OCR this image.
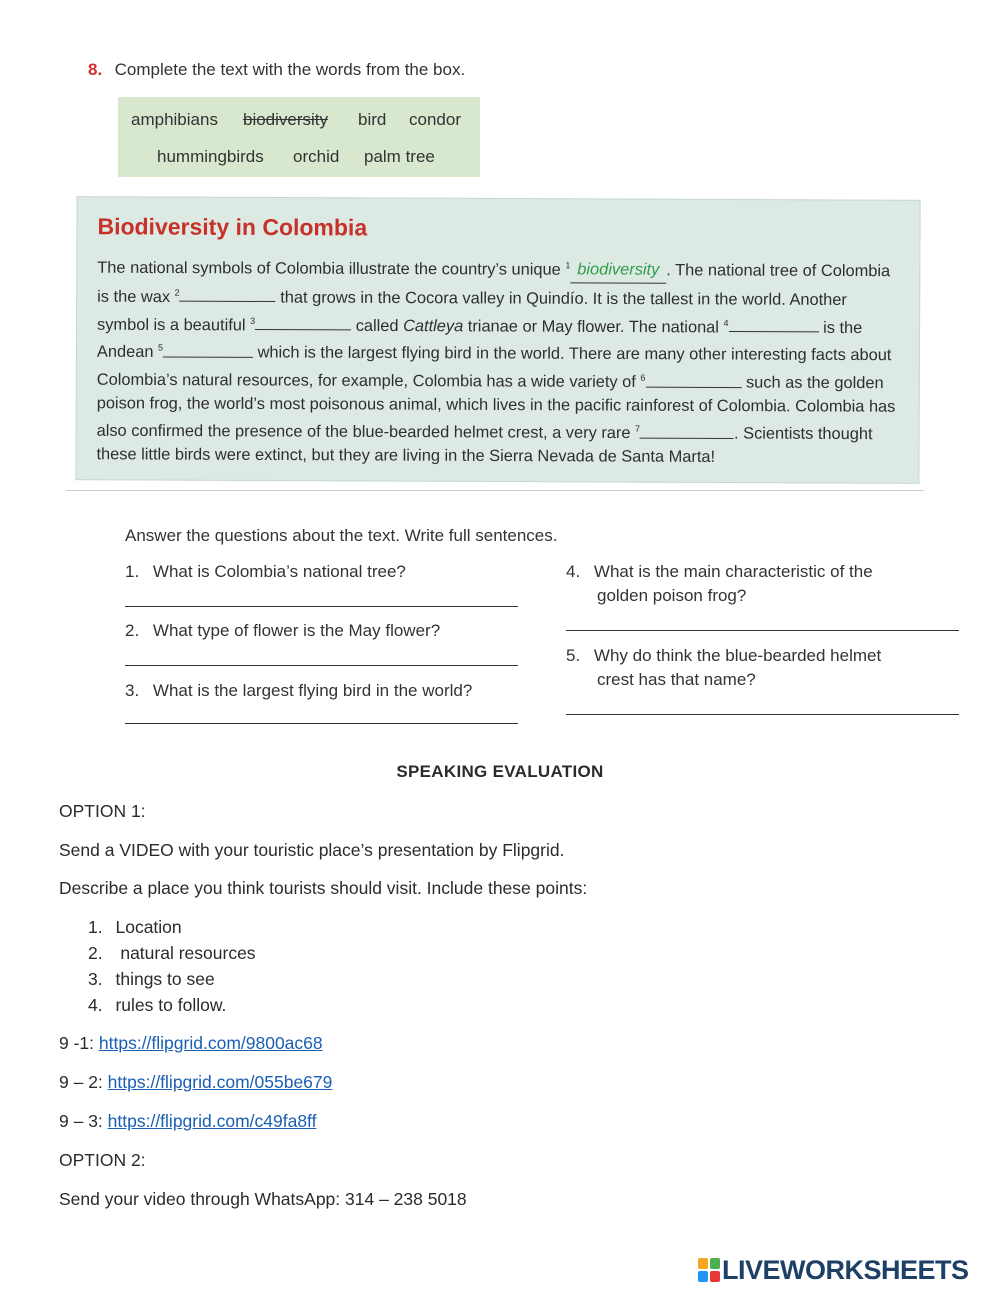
8. Complete the text with the words from the box.
amphibians biodiversity bird condor
hummingbirds orchid palm tree
Biodiversity in Colombia
The national symbols of Colombia illustrate the country’s unique $^1$ biodiversity . The national tree of Colombia is the wax $^2$	that grows in the Cocora valley in Quindío. It is the tallest in the world. Another symbol is a beautiful $^3$	called Cattleya trianae or May flower. The national $^4$	is the Andean $^5$	which is the largest flying bird in the world. There are many other interesting facts about Colombia’s natural resources, for example, Colombia has a wide variety of $^6$	such as the golden poison frog, the world’s most poisonous animal, which lives in the pacific rainforest of Colombia. Colombia has also confirmed the presence of the blue-bearded helmet crest, a very rare $^7$	. Scientists thought these little birds were extinct, but they are living in the Sierra Nevada de Santa Marta!
Answer the questions about the text. Write full sentences.
1. What is Colombia’s national tree?
2. What type of flower is the May flower?
3. What is the largest flying bird in the world?
4. What is the main characteristic of the
golden poison frog?
5. Why do think the blue-bearded helmet
crest has that name?
SPEAKING EVALUATION
OPTION 1:
Send a VIDEO with your touristic place’s presentation by Flipgrid.
Describe a place you think tourists should visit. Include these points:
1. Location
2.  natural resources
3. things to see
4. rules to follow.
9 -1: https://flipgrid.com/9800ac68
9 – 2: https://flipgrid.com/055be679
9 – 3: https://flipgrid.com/c49fa8ff
OPTION 2:
Send your video through WhatsApp: 314 – 238 5018
LIVEWORKSHEETS
